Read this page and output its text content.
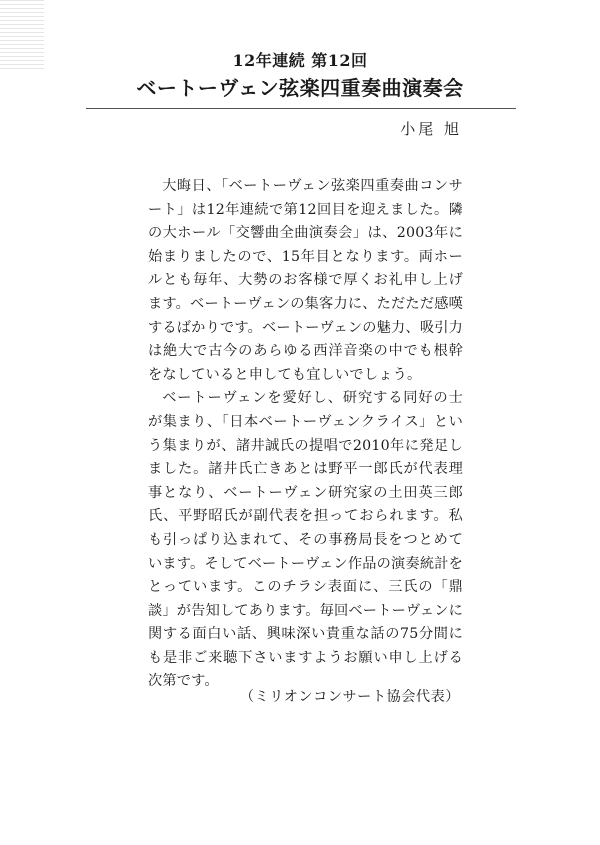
12年連続 第12回
ベートーヴェン弦楽四重奏曲演奏会
小尾 旭

大晦日、「ベートーヴェン弦楽四重奏曲コンサート」は12年連続で第12回目を迎えました。隣の大ホール「交響曲全曲演奏会」は、2003年に始まりましたので、15年目となります。両ホールとも毎年、大勢のお客様で厚くお礼申し上げます。ベートーヴェンの集客力に、ただただ感嘆するばかりです。ベートーヴェンの魅力、吸引力は絶大で古今のあらゆる西洋音楽の中でも根幹をなしていると申しても宜しいでしょう。

ベートーヴェンを愛好し、研究する同好の士が集まり、「日本ベートーヴェンクライス」という集まりが、諸井誠氏の提唱で2010年に発足しました。諸井氏亡きあとは野平一郎氏が代表理事となり、ベートーヴェン研究家の土田英三郎氏、平野昭氏が副代表を担っておられます。私も引っぱり込まれて、その事務局長をつとめています。そしてベートーヴェン作品の演奏統計をとっています。このチラシ表面に、三氏の「鼎談」が告知してあります。毎回ベートーヴェンに関する面白い話、興味深い貴重な話の75分間にも是非ご来聴下さいますようお願い申し上げる次第です。

（ミリオンコンサート協会代表）
